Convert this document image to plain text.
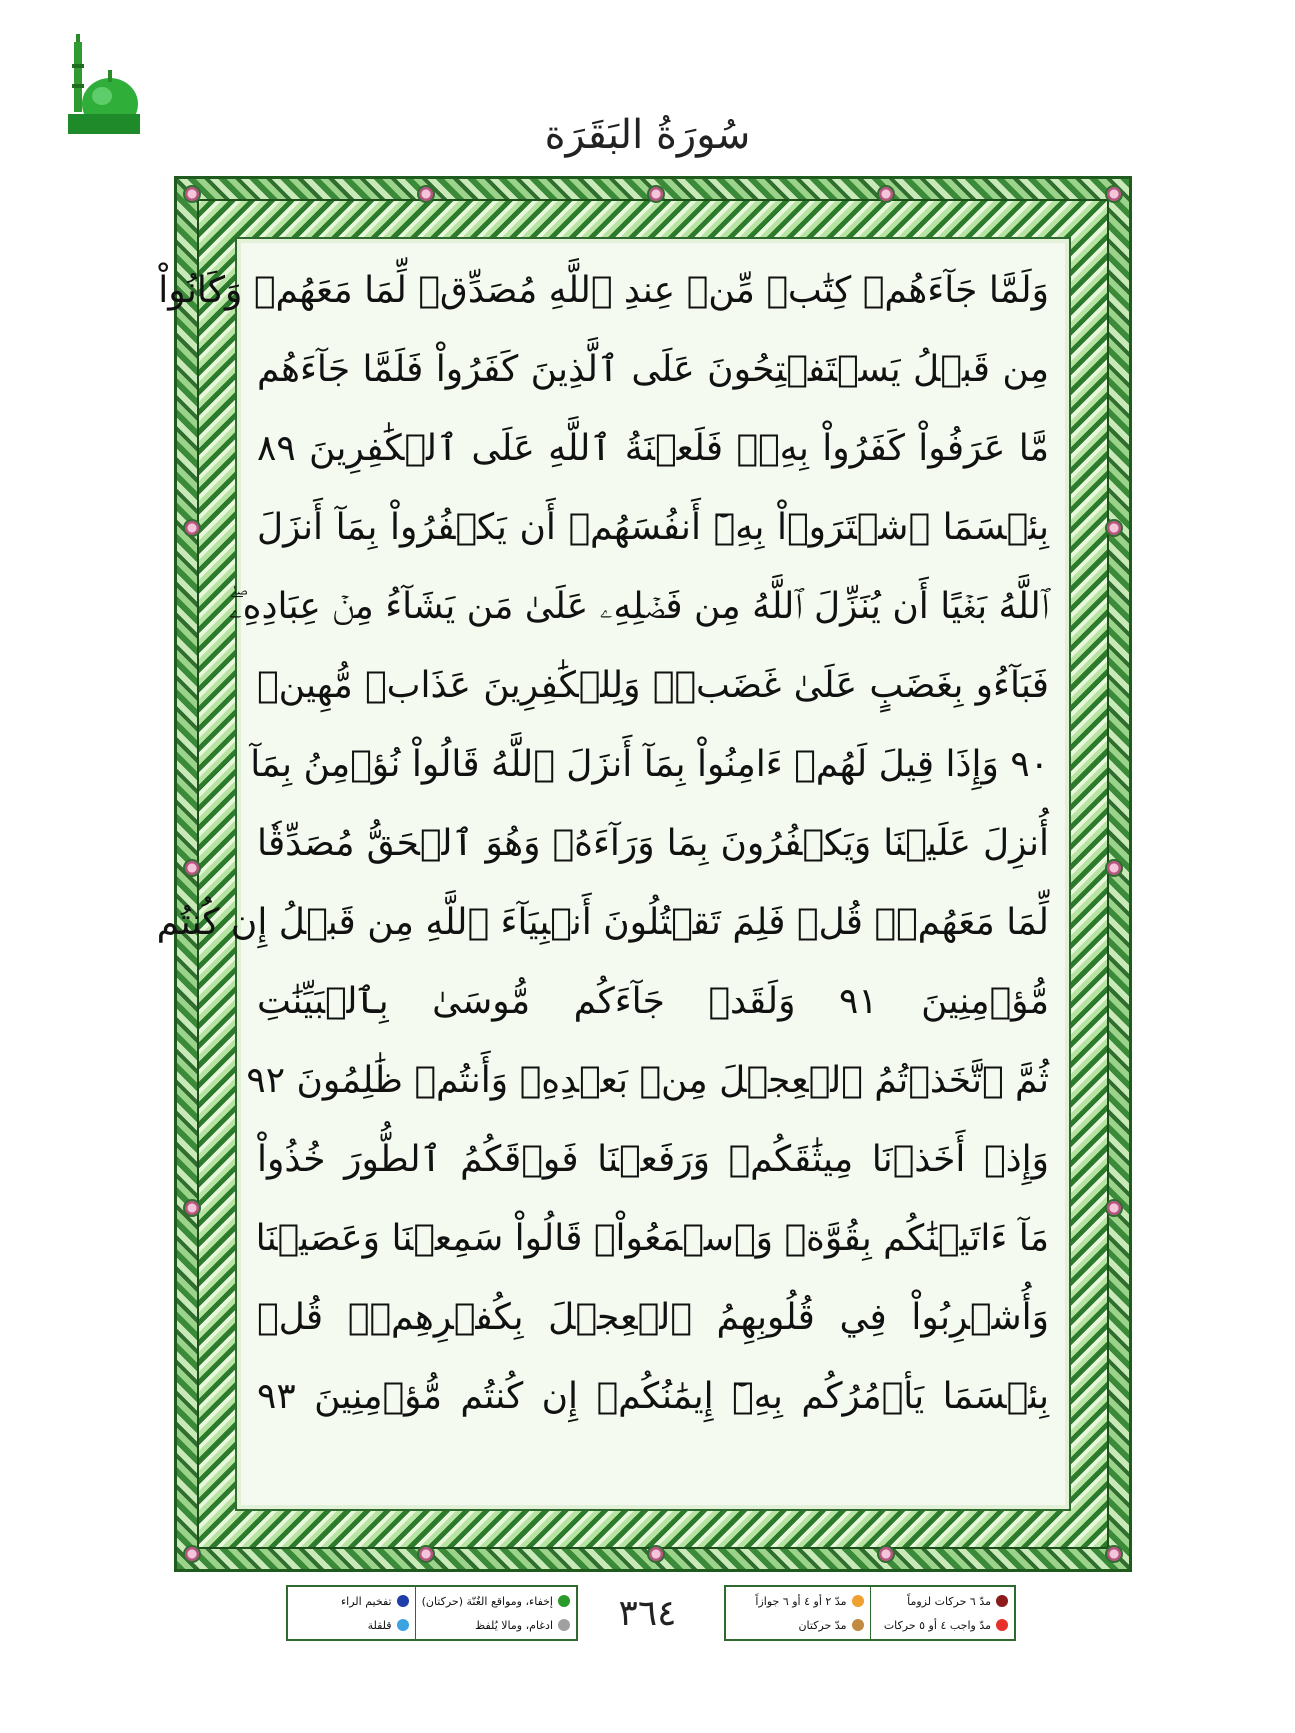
سُورَةُ البَقَرَة
وَلَمَّا جَآءَهُمۡ كِتَٰبٞ مِّنۡ عِندِ ٱللَّهِ مُصَدِّقٞ لِّمَا مَعَهُمۡ وَكَانُواْ
مِن قَبۡلُ يَسۡتَفۡتِحُونَ عَلَى ٱلَّذِينَ كَفَرُواْ فَلَمَّا جَآءَهُم
مَّا عَرَفُواْ كَفَرُواْ بِهِۦۚ فَلَعۡنَةُ ٱللَّهِ عَلَى ٱلۡكَٰفِرِينَ ٨٩
بِئۡسَمَا ٱشۡتَرَوۡاْ بِهِۦٓ أَنفُسَهُمۡ أَن يَكۡفُرُواْ بِمَآ أَنزَلَ
ٱللَّهُ بَغۡيًا أَن يُنَزِّلَ ٱللَّهُ مِن فَضۡلِهِۦ عَلَىٰ مَن يَشَآءُ مِنۡ عِبَادِهِۦۖ
فَبَآءُو بِغَضَبٍ عَلَىٰ غَضَبٖۚ وَلِلۡكَٰفِرِينَ عَذَابٞ مُّهِينٞ
٩٠ وَإِذَا قِيلَ لَهُمۡ ءَامِنُواْ بِمَآ أَنزَلَ ٱللَّهُ قَالُواْ نُؤۡمِنُ بِمَآ
أُنزِلَ عَلَيۡنَا وَيَكۡفُرُونَ بِمَا وَرَآءَهُۥ وَهُوَ ٱلۡحَقُّ مُصَدِّقٗا
لِّمَا مَعَهُمۡۗ قُلۡ فَلِمَ تَقۡتُلُونَ أَنۢبِيَآءَ ٱللَّهِ مِن قَبۡلُ إِن كُنتُم
مُّؤۡمِنِينَ ٩١ وَلَقَدۡ جَآءَكُم مُّوسَىٰ بِٱلۡبَيِّنَٰتِ
ثُمَّ ٱتَّخَذۡتُمُ ٱلۡعِجۡلَ مِنۢ بَعۡدِهِۦ وَأَنتُمۡ ظَٰلِمُونَ ٩٢
وَإِذۡ أَخَذۡنَا مِيثَٰقَكُمۡ وَرَفَعۡنَا فَوۡقَكُمُ ٱلطُّورَ خُذُواْ
مَآ ءَاتَيۡنَٰكُم بِقُوَّةٖ وَٱسۡمَعُواْۖ قَالُواْ سَمِعۡنَا وَعَصَيۡنَا
وَأُشۡرِبُواْ فِي قُلُوبِهِمُ ٱلۡعِجۡلَ بِكُفۡرِهِمۡۚ قُلۡ
بِئۡسَمَا يَأۡمُرُكُم بِهِۦٓ إِيمَٰنُكُمۡ إِن كُنتُم مُّؤۡمِنِينَ ٩٣
مدّ ٦ حركات لزوماً
مدّ واجب ٤ أو ٥ حركات
مدّ ٢ أو ٤ أو ٦ جوازاً
مدّ حركتان
٣٦٤
إخفاء، ومواقع الغُنّة (حركتان)
ادغام، ومالا يُلفظ
تفخيم الراء
قلقلة
